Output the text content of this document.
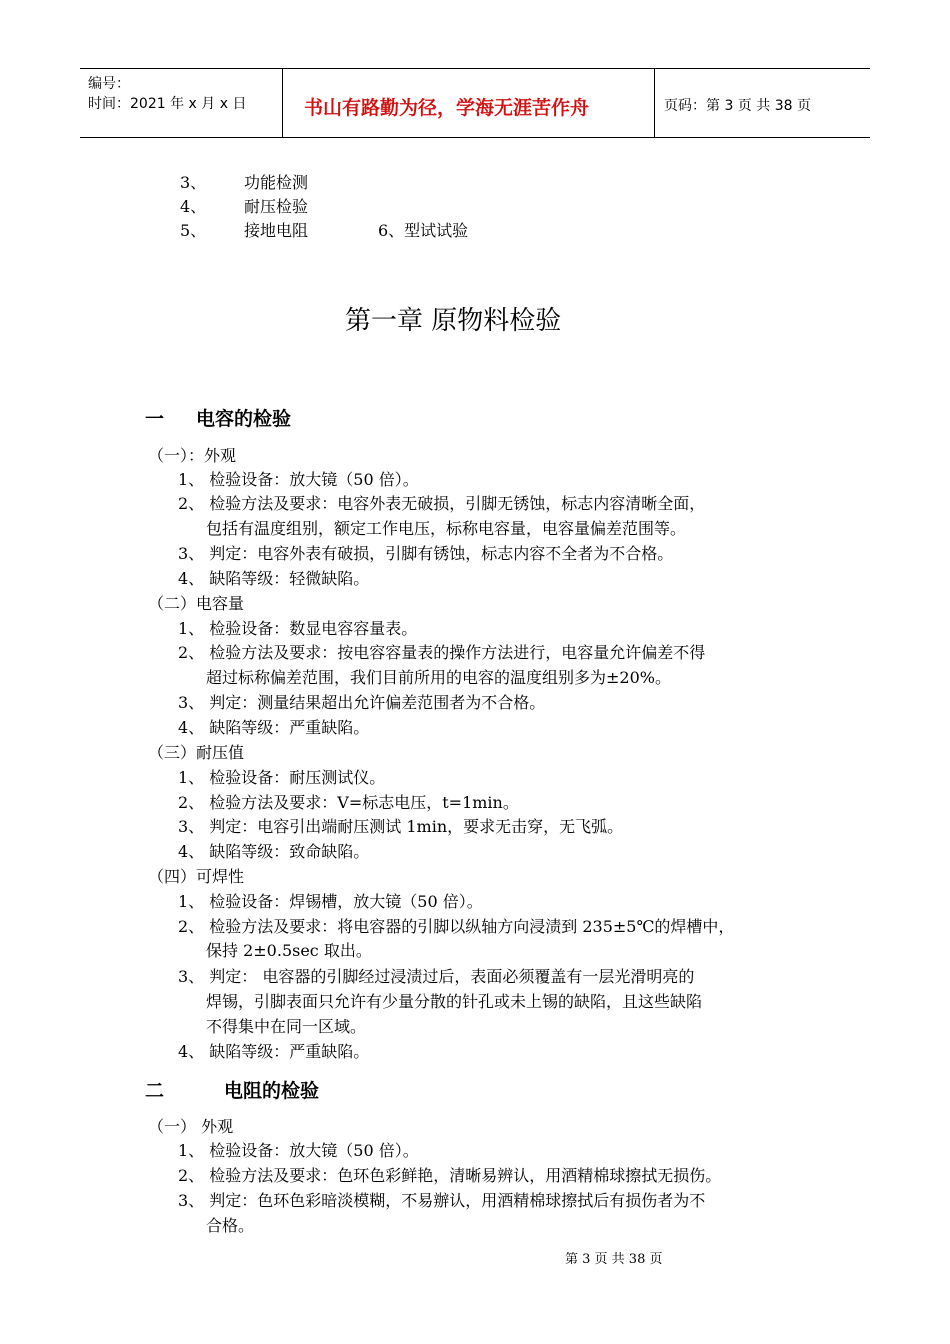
编号：
时间：2021 年 x 月 x 日	书山有路勤为径，学海无涯苦作舟	页码：第 3 页 共 38 页
3、 功能检测
4、 耐压检验
5、 接地电阻	6、型试试验
第一章 原物料检验
一 电容的检验
（一）：外观
1、 检验设备：放大镜（50 倍）。
2、 检验方法及要求：电容外表无破损，引脚无锈蚀，标志内容清晰全面，
包括有温度组别，额定工作电压，标称电容量，电容量偏差范围等。
3、 判定：电容外表有破损，引脚有锈蚀，标志内容不全者为不合格。
4、 缺陷等级：轻微缺陷。
（二）电容量
1、 检验设备：数显电容容量表。
2、 检验方法及要求：按电容容量表的操作方法进行，电容量允许偏差不得
超过标称偏差范围，我们目前所用的电容的温度组别多为±20%。
3、 判定：测量结果超出允许偏差范围者为不合格。
4、 缺陷等级：严重缺陷。
（三）耐压值
1、 检验设备：耐压测试仪。
2、 检验方法及要求：V=标志电压，t=1min。
3、 判定：电容引出端耐压测试 1min，要求无击穿，无飞弧。
4、 缺陷等级：致命缺陷。
（四）可焊性
1、 检验设备：焊锡槽，放大镜（50 倍）。
2、 检验方法及要求：将电容器的引脚以纵轴方向浸渍到 235±5℃的焊槽中，
保持 2±0.5sec 取出。
3、 判定： 电容器的引脚经过浸渍过后，表面必须覆盖有一层光滑明亮的
焊锡，引脚表面只允许有少量分散的针孔或未上锡的缺陷，且这些缺陷
不得集中在同一区域。
4、 缺陷等级：严重缺陷。
二	电阻的检验
（一） 外观
1、 检验设备：放大镜（50 倍）。
2、 检验方法及要求：色环色彩鲜艳，清晰易辨认，用酒精棉球擦拭无损伤。
3、 判定：色环色彩暗淡模糊，不易辦认，用酒精棉球擦拭后有损伤者为不
合格。
第 3 页 共 38 页
